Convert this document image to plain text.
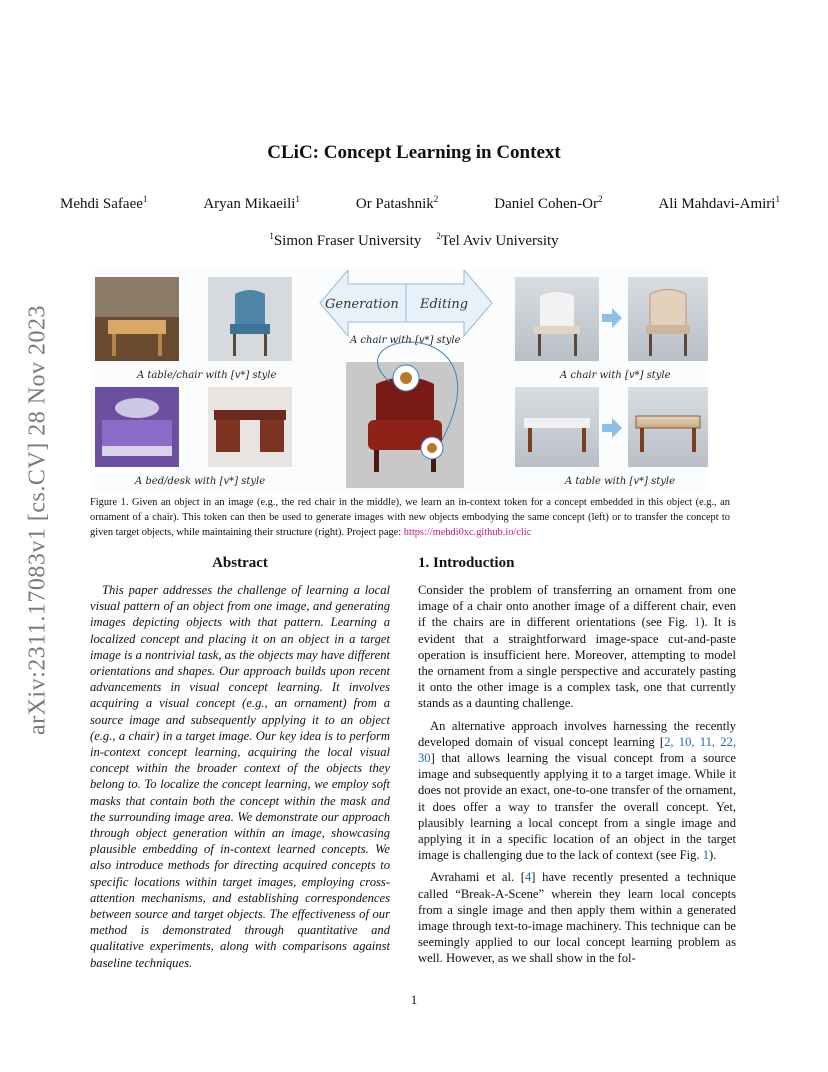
arXiv:2311.17083v1 [cs.CV] 28 Nov 2023
CLiC: Concept Learning in Context
Mehdi Safaee$^1$	Aryan Mikaeili$^1$	Or Patashnik$^2$	Daniel Cohen-Or$^2$	Ali Mahdavi-Amiri$^1$
$^1$Simon Fraser University $^2$Tel Aviv University
A table/chair with [v*] style
A bed/desk with [v*] style
Generation Editing
A chair with [v*] style
A chair with [v*] style
A table with [v*] style
Figure 1. Given an object in an image (e.g., the red chair in the middle), we learn an in-context token for a concept embedded in this object (e.g., an ornament of a chair). This token can then be used to generate images with new objects embodying the same concept (left) or to transfer the concept to given target objects, while maintaining their structure (right). Project page: https://mehdi0xc.github.io/clic
Abstract

This paper addresses the challenge of learning a local visual pattern of an object from one image, and generating images depicting objects with that pattern. Learning a localized concept and placing it on an object in a target image is a nontrivial task, as the objects may have different orientations and shapes. Our approach builds upon recent advancements in visual concept learning. It involves acquiring a visual concept (e.g., an ornament) from a source image and subsequently applying it to an object (e.g., a chair) in a target image. Our key idea is to perform in-context concept learning, acquiring the local visual concept within the broader context of the objects they belong to. To localize the concept learning, we employ soft masks that contain both the concept within the mask and the surrounding image area. We demonstrate our approach through object generation within an image, showcasing plausible embedding of in-context learned concepts. We also introduce methods for directing acquired concepts to specific locations within target images, employing cross-attention mechanisms, and establishing correspondences between source and target objects. The effectiveness of our method is demonstrated through quantitative and qualitative experiments, along with comparisons against baseline techniques.

1. Introduction

Consider the problem of transferring an ornament from one image of a chair onto another image of a different chair, even if the chairs are in different orientations (see Fig. 1). It is evident that a straightforward image-space cut-and-paste operation is insufficient here. Moreover, attempting to model the ornament from a single perspective and accurately pasting it onto the other image is a complex task, one that currently stands as a daunting challenge.

An alternative approach involves harnessing the recently developed domain of visual concept learning [2, 10, 11, 22, 30] that allows learning the visual concept from a source image and subsequently applying it to a target image. While it does not provide an exact, one-to-one transfer of the ornament, it does offer a way to transfer the overall concept. Yet, plausibly learning a local concept from a single image and applying it in a specific location of an object in the target image is challenging due to the lack of context (see Fig. 1).

Avrahami et al. [4] have recently presented a technique called “Break-A-Scene” wherein they learn local concepts from a single image and then apply them within a generated image through text-to-image machinery. This technique can be seemingly applied to our local concept learning problem as well. However, as we shall show in the fol-

1
